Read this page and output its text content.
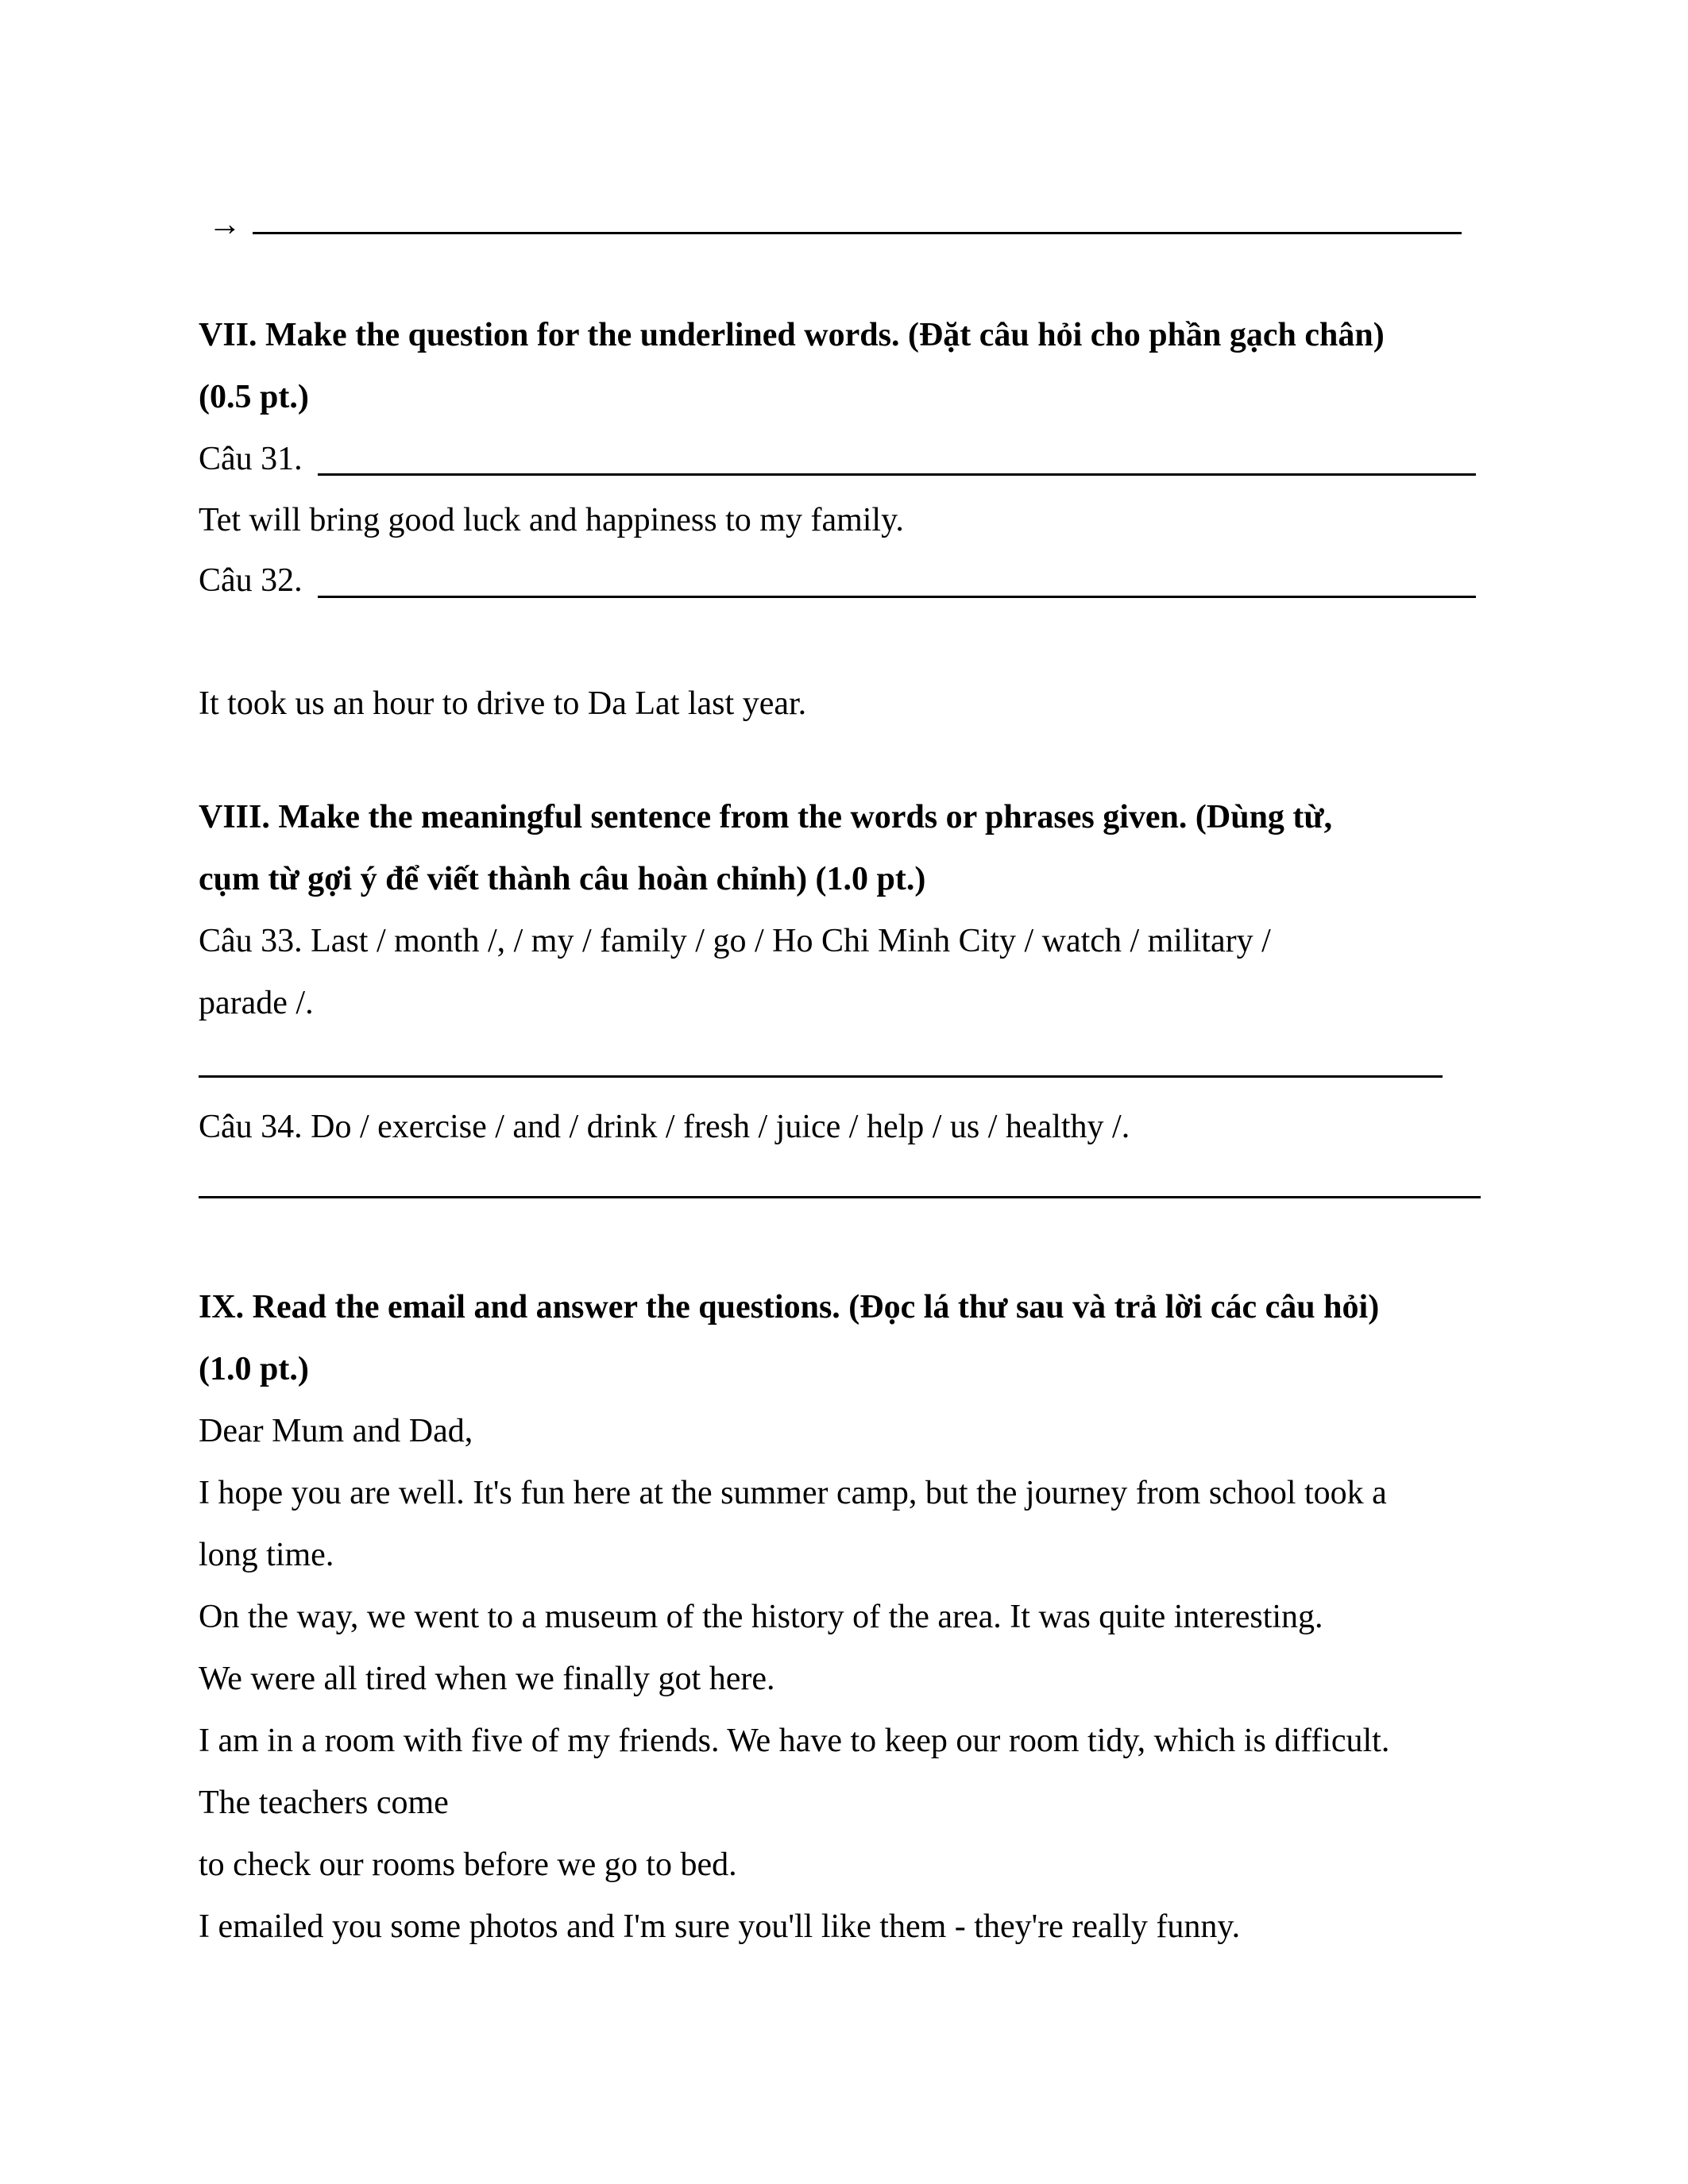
→
VII. Make the question for the underlined words. (Đặt câu hỏi cho phần gạch chân)
(0.5 pt.)
Câu 31.
Tet will bring good luck and happiness to my family.
Câu 32.
It took us an hour to drive to Da Lat last year.
VIII. Make the meaningful sentence from the words or phrases given. (Dùng từ,
cụm từ gợi ý để viết thành câu hoàn chỉnh) (1.0 pt.)
Câu 33. Last / month /, / my / family / go / Ho Chi Minh City / watch / military /
parade /.
Câu 34. Do / exercise / and / drink / fresh / juice / help / us / healthy /.
IX. Read the email and answer the questions. (Đọc lá thư sau và trả lời các câu hỏi)
(1.0 pt.)
Dear Mum and Dad,
I hope you are well. It's fun here at the summer camp, but the journey from school took a
long time.
On the way, we went to a museum of the history of the area. It was quite interesting.
We were all tired when we finally got here.
I am in a room with five of my friends. We have to keep our room tidy, which is difficult.
The teachers come
to check our rooms before we go to bed.
I emailed you some photos and I'm sure you'll like them - they're really funny.
